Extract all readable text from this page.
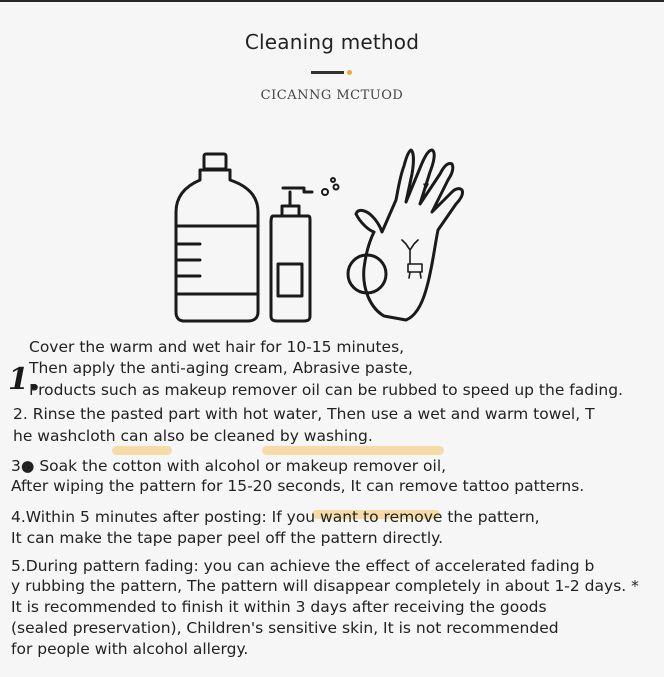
Cleaning method
CICANNG MCTUOD
1.
Cover the warm and wet hair for 10-15 minutes,
Then apply the anti-aging cream, Abrasive paste,
Products such as makeup remover oil can be rubbed to speed up the fading.
2. Rinse the pasted part with hot water, Then use a wet and warm towel, T
he washcloth can also be cleaned by washing.
3● Soak the cotton with alcohol or makeup remover oil,
After wiping the pattern for 15-20 seconds, It can remove tattoo patterns.
4.Within 5 minutes after posting: If you want to remove the pattern,
It can make the tape paper peel off the pattern directly.
5.During pattern fading: you can achieve the effect of accelerated fading b
y rubbing the pattern, The pattern will disappear completely in about 1-2 days. *
It is recommended to finish it within 3 days after receiving the goods
(sealed preservation), Children's sensitive skin, It is not recommended
for people with alcohol allergy.
